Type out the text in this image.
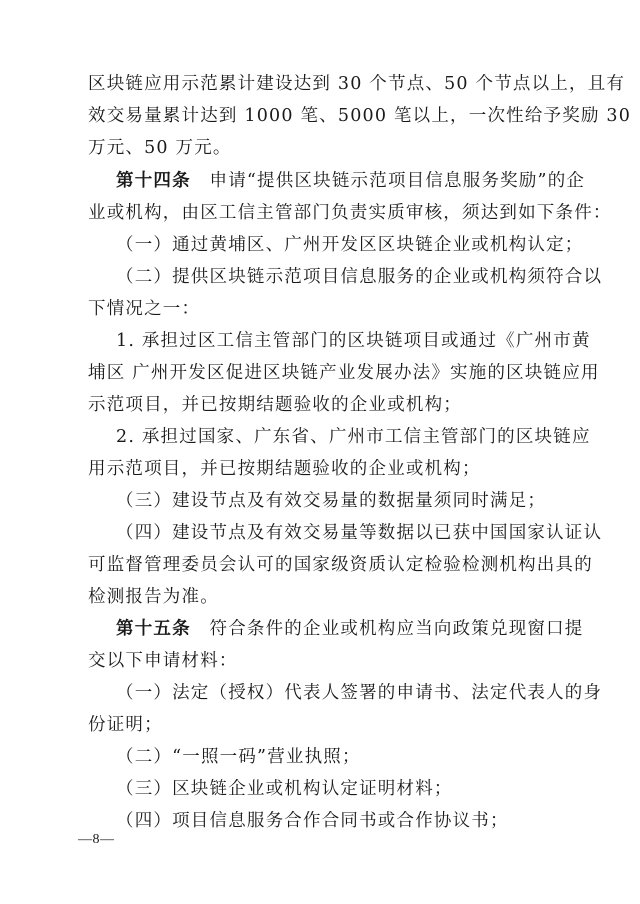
区块链应用示范累计建设达到 30 个节点、50 个节点以上，且有
效交易量累计达到 1000 笔、5000 笔以上，一次性给予奖励 30
万元、50 万元。
第十四条　申请“提供区块链示范项目信息服务奖励”的企
业或机构，由区工信主管部门负责实质审核，须达到如下条件：
（一）通过黄埔区、广州开发区区块链企业或机构认定；
（二）提供区块链示范项目信息服务的企业或机构须符合以
下情况之一：
1. 承担过区工信主管部门的区块链项目或通过《广州市黄
埔区 广州开发区促进区块链产业发展办法》实施的区块链应用
示范项目，并已按期结题验收的企业或机构；
2. 承担过国家、广东省、广州市工信主管部门的区块链应
用示范项目，并已按期结题验收的企业或机构；
（三）建设节点及有效交易量的数据量须同时满足；
（四）建设节点及有效交易量等数据以已获中国国家认证认
可监督管理委员会认可的国家级资质认定检验检测机构出具的
检测报告为准。
第十五条　符合条件的企业或机构应当向政策兑现窗口提
交以下申请材料：
（一）法定（授权）代表人签署的申请书、法定代表人的身
份证明；
（二）“一照一码”营业执照；
（三）区块链企业或机构认定证明材料；
（四）项目信息服务合作合同书或合作协议书；
—8—
